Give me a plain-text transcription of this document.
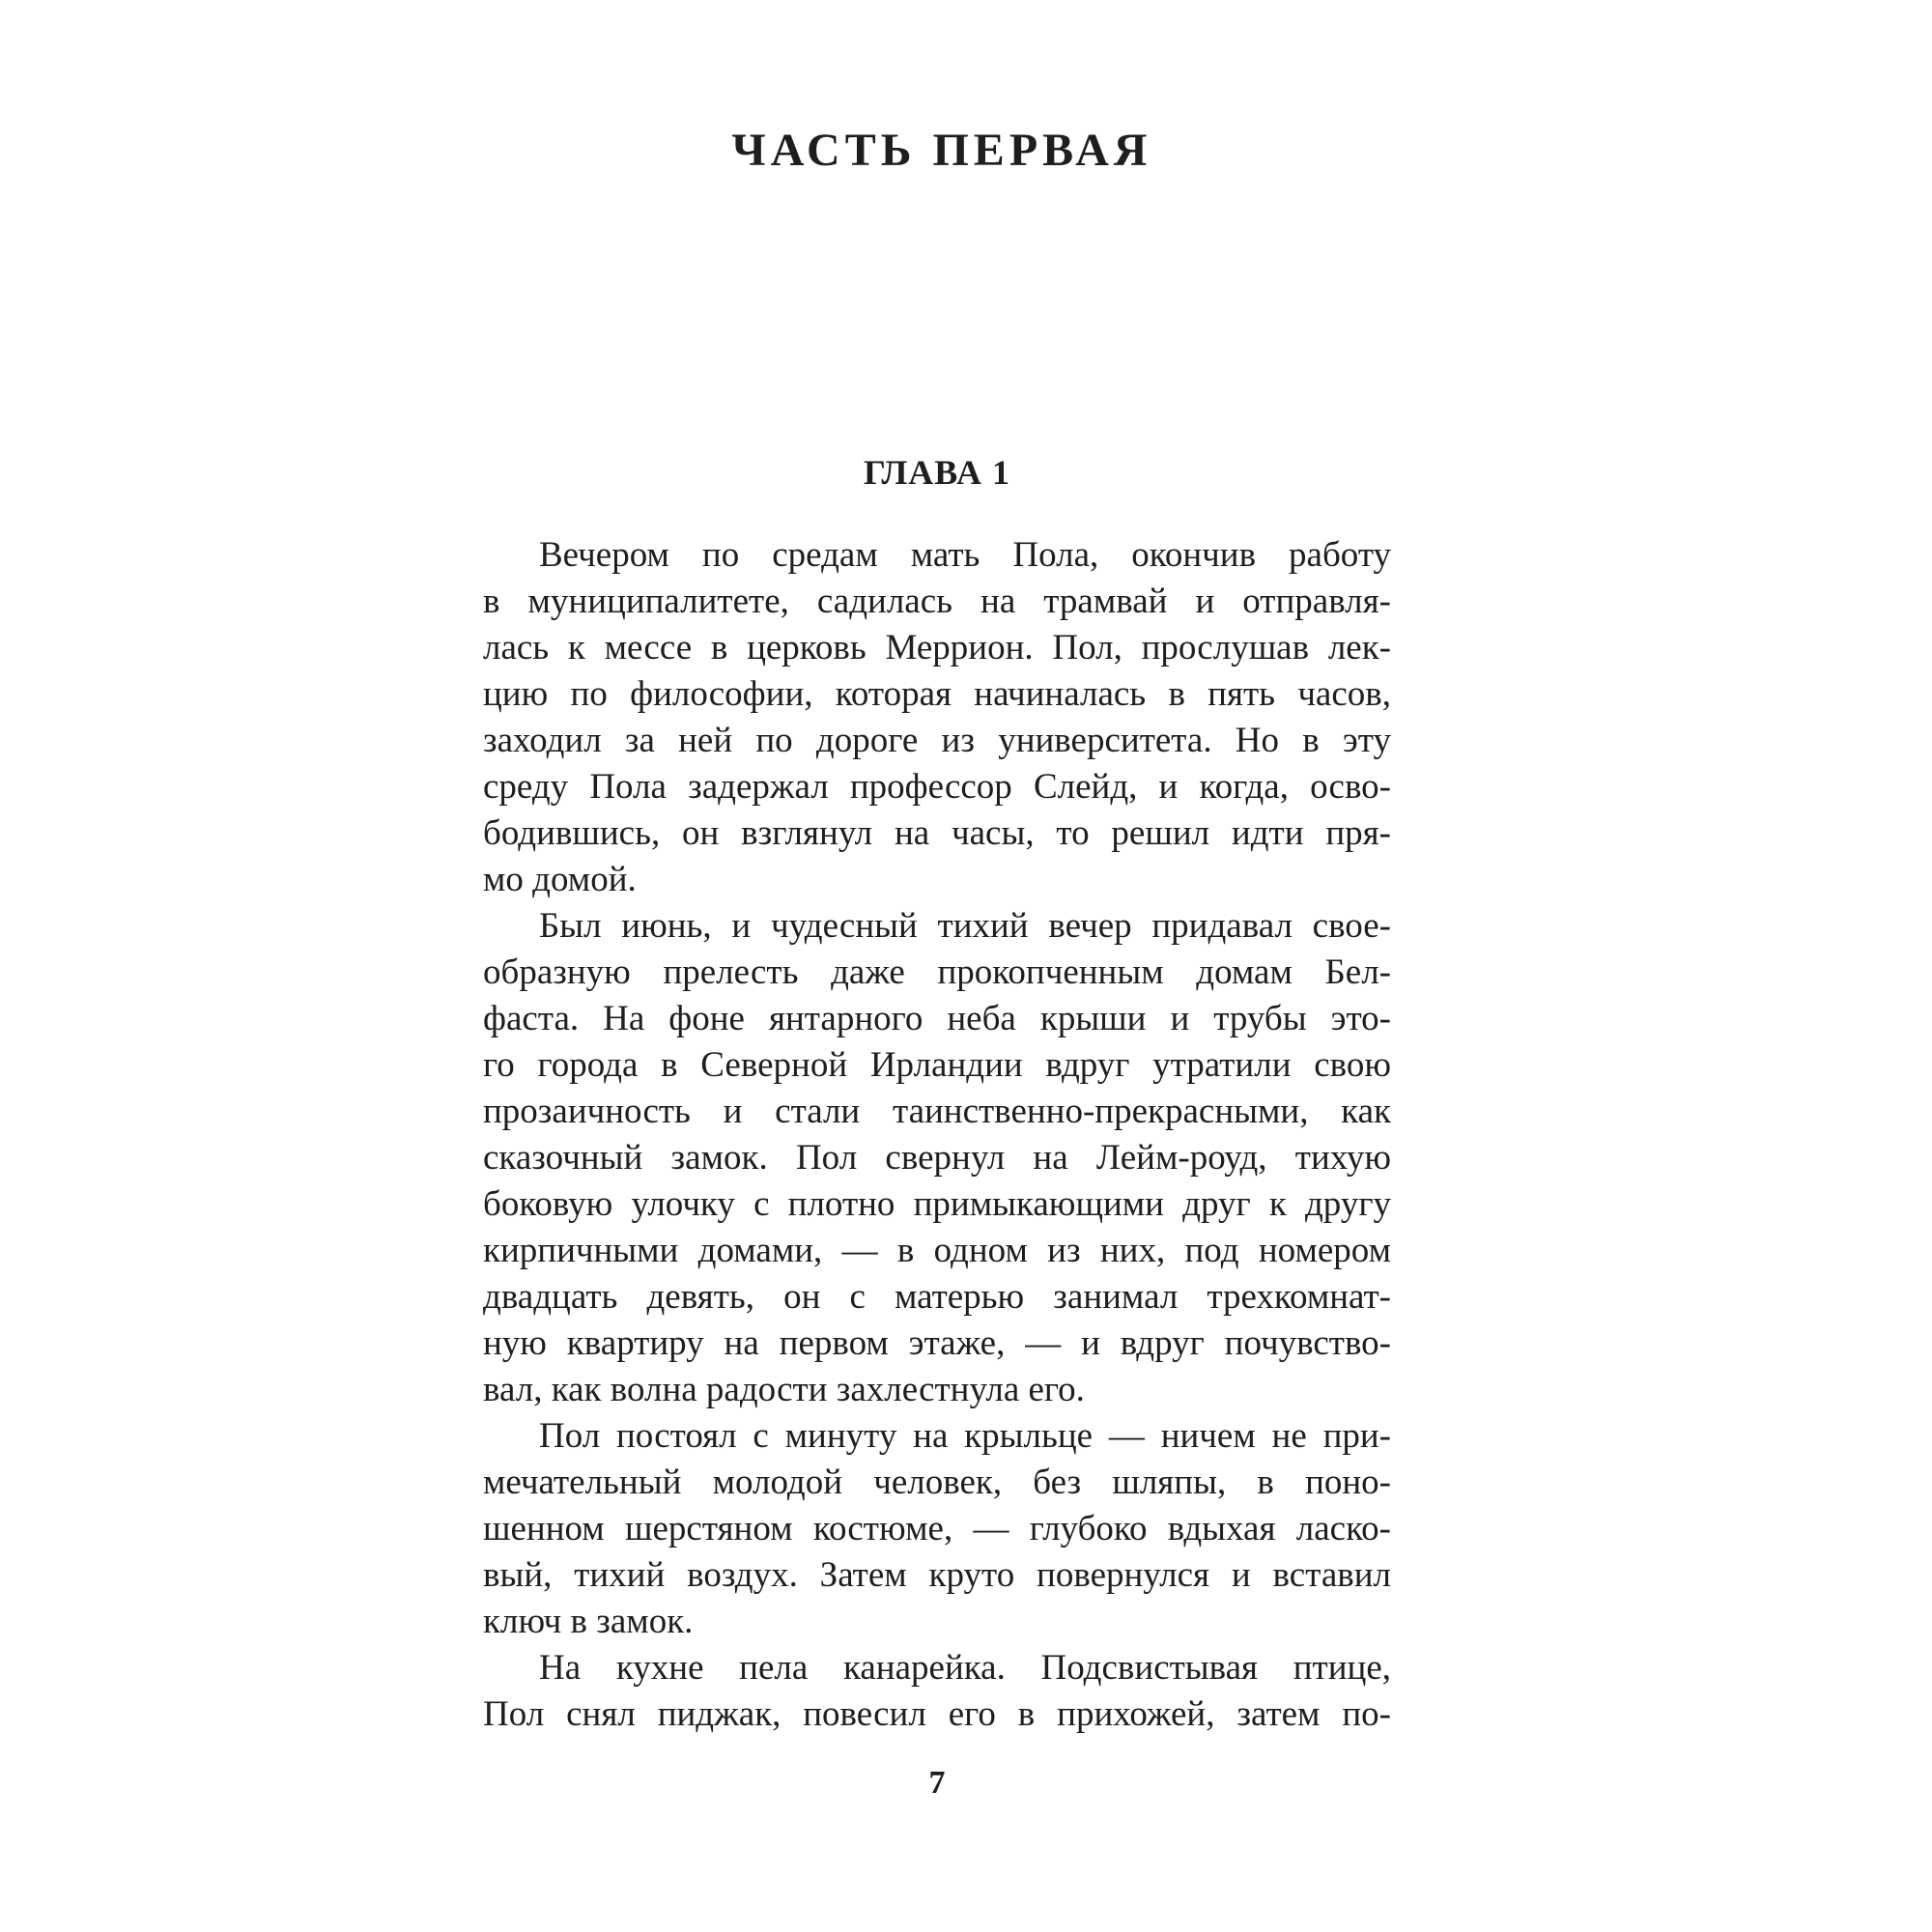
ЧАСТЬ ПЕРВАЯ
ГЛАВА 1
Вечером по средам мать Пола, окончив работу
в муниципалитете, садилась на трамвай и отправля-
лась к мессе в церковь Меррион. Пол, прослушав лек-
цию по философии, которая начиналась в пять часов,
заходил за ней по дороге из университета. Но в эту
среду Пола задержал профессор Слейд, и когда, осво-
бодившись, он взглянул на часы, то решил идти пря-
мо домой.
Был июнь, и чудесный тихий вечер придавал свое-
образную прелесть даже прокопченным домам Бел-
фаста. На фоне янтарного неба крыши и трубы это-
го города в Северной Ирландии вдруг утратили свою
прозаичность и стали таинственно-прекрасными, как
сказочный замок. Пол свернул на Лейм-роуд, тихую
боковую улочку с плотно примыкающими друг к другу
кирпичными домами, — в одном из них, под номером
двадцать девять, он с матерью занимал трехкомнат-
ную квартиру на первом этаже, — и вдруг почувство-
вал, как волна радости захлестнула его.
Пол постоял с минуту на крыльце — ничем не при-
мечательный молодой человек, без шляпы, в поно-
шенном шерстяном костюме, — глубоко вдыхая ласко-
вый, тихий воздух. Затем круто повернулся и вставил
ключ в замок.
На кухне пела канарейка. Подсвистывая птице,
Пол снял пиджак, повесил его в прихожей, затем по-
7
